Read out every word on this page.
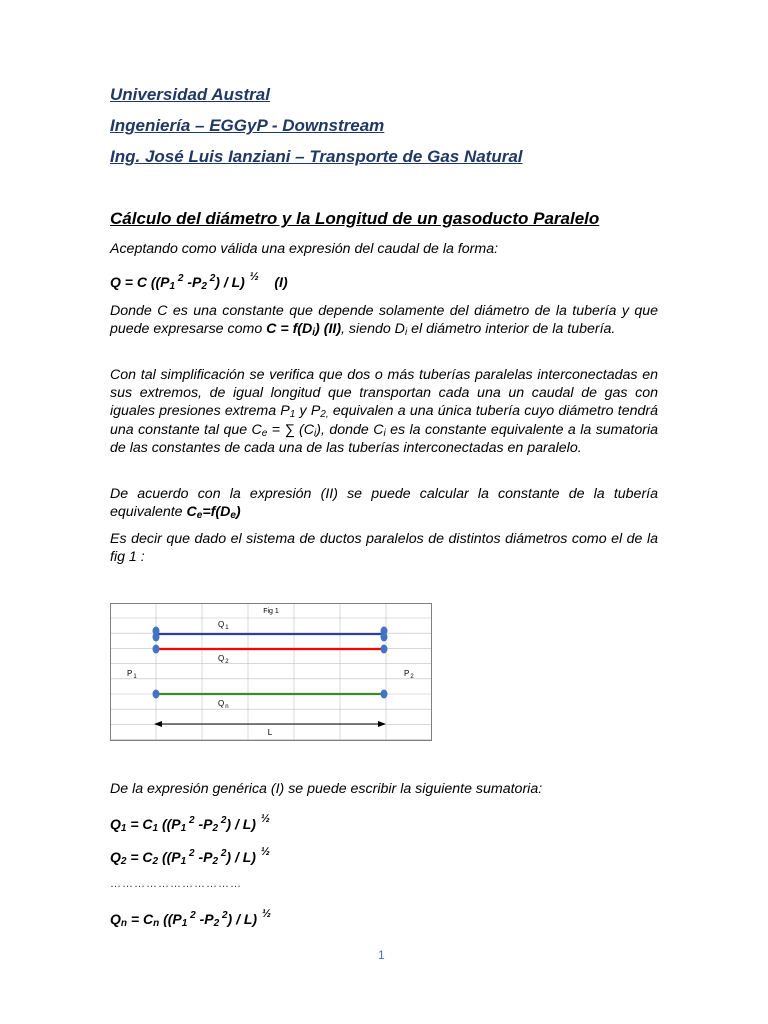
Universidad Austral
Ingeniería – EGGyP - Downstream
Ing. José Luis Ianziani – Transporte de Gas Natural
Cálculo del diámetro y la Longitud de un gasoducto Paralelo

Aceptando como válida una expresión del caudal de la forma:

Q = C (($P_1$ $^2$ $-P_2$ $^2$) / L)  $^{\frac{1}{2}}$ (I)

Donde C es una constante que depende solamente del diámetro de la tubería y que puede expresarse como $C = f(D_i)$ (II), siendo $D_i$ el diámetro interior de la tubería.

Con tal simplificación se verifica que dos o más tuberías paralelas interconectadas en sus extremos, de igual longitud que transportan cada una un caudal de gas con iguales presiones extrema $P_1$ y $P_{2,}$ equivalen a una única tubería cuyo diámetro tendrá una constante tal que $C_e$ = ∑ $(C_i)$, donde $C_i$ es la constante equivalente a la sumatoria de las constantes de cada una de las tuberías interconectadas en paralelo.

De acuerdo con la expresión (II) se puede calcular la constante de la tubería equivalente $C_e=f(D_e)$

Es decir que dado el sistema de ductos paralelos de distintos diámetros como el de la fig 1 :

Fig 1
$Q_1$
$Q_2$
$Q_n$
$P_1$	$P_2$
L

De la expresión genérica (I) se puede escribir la siguiente sumatoria:

$Q_1 = C_1$ (($P_1$ $^2$ $-P_2$ $^2$) / L)  $^{\frac{1}{2}}$
$Q_2 = C_2$ (($P_1$ $^2$ $-P_2$ $^2$) / L)  $^{\frac{1}{2}}$
……………………………
$Q_n = C_n$ (($P_1$ $^2$ $-P_2$ $^2$) / L)  $^{\frac{1}{2}}$
1
